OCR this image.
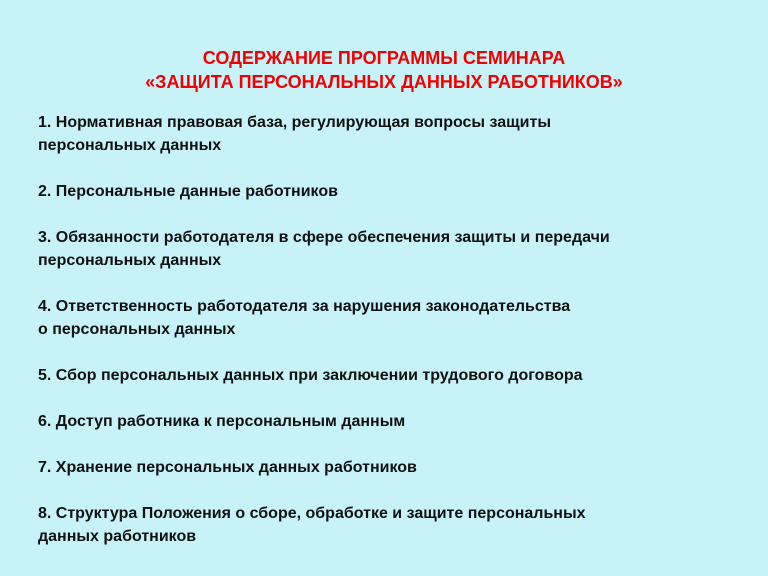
СОДЕРЖАНИЕ ПРОГРАММЫ СЕМИНАРА
«ЗАЩИТА ПЕРСОНАЛЬНЫХ ДАННЫХ РАБОТНИКОВ»
1. Нормативная правовая база, регулирующая вопросы защиты
персональных данных
2. Персональные данные работников
3. Обязанности работодателя в сфере обеспечения защиты и передачи
персональных данных
4. Ответственность работодателя за нарушения законодательства
о персональных данных
5. Сбор персональных данных при заключении трудового договора
6. Доступ работника к персональным данным
7. Хранение персональных данных работников
8. Структура Положения о сборе, обработке и защите персональных
данных работников
